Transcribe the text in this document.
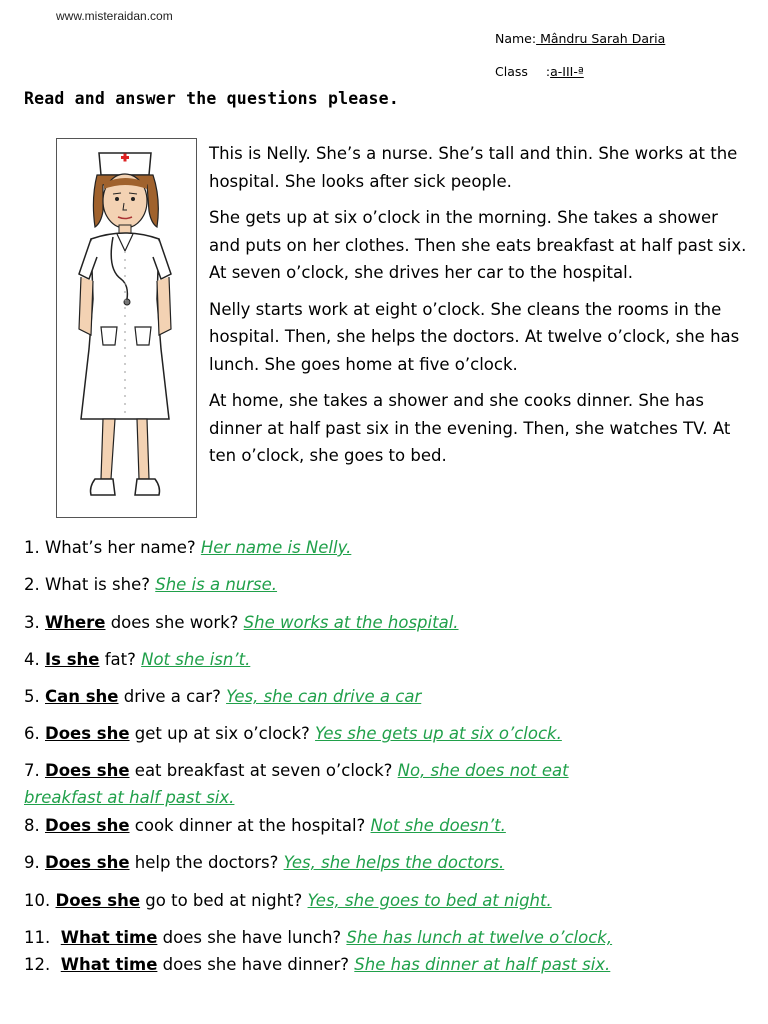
www.misteraidan.com
Name: Mândru Sarah Daria
Class :a-III-ª
Read and answer the questions please.

This is Nelly. She’s a nurse. She’s tall and thin. She works at the hospital. She looks after sick people.

She gets up at six o’clock in the morning. She takes a shower and puts on her clothes. Then she eats breakfast at half past six. At seven o’clock, she drives her car to the hospital.

Nelly starts work at eight o’clock. She cleans the rooms in the hospital. Then, she helps the doctors. At twelve o’clock, she has lunch. She goes home at five o’clock.

At home, she takes a shower and she cooks dinner. She has dinner at half past six in the evening. Then, she watches TV. At ten o’clock, she goes to bed.

1. What’s her name? Her name is Nelly.
2. What is she? She is a nurse.
3. Where does she work? She works at the hospital.
4. Is she fat? Not she isn’t.
5. Can she drive a car? Yes, she can drive a car
6. Does she get up at six o’clock? Yes she gets up at six o’clock.
7. Does she eat breakfast at seven o’clock? No, she does not eat
breakfast at half past six.
8. Does she cook dinner at the hospital? Not she doesn’t.
9. Does she help the doctors? Yes, she helps the doctors.
10. Does she go to bed at night? Yes, she goes to bed at night.
11. What time does she have lunch? She has lunch at twelve o’clock,
12. What time does she have dinner? She has dinner at half past six.
